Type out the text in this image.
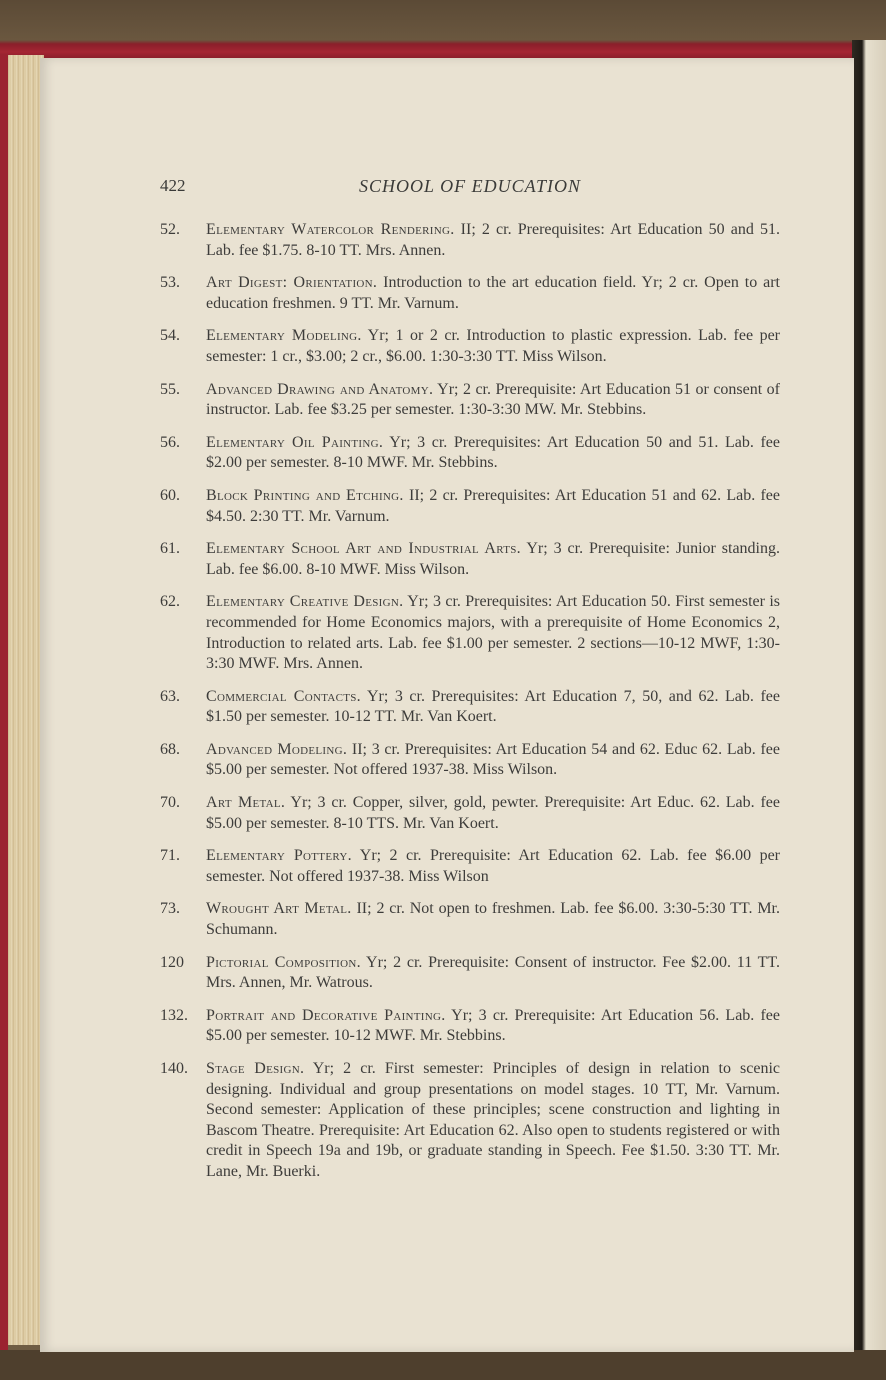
422	SCHOOL OF EDUCATION
52. Elementary Watercolor Rendering. II; 2 cr. Prerequisites: Art Education 50 and 51. Lab. fee $1.75. 8-10 TT. Mrs. Annen.
53. Art Digest: Orientation. Introduction to the art education field. Yr; 2 cr. Open to art education freshmen. 9 TT. Mr. Varnum.
54. Elementary Modeling. Yr; 1 or 2 cr. Introduction to plastic expression. Lab. fee per semester: 1 cr., $3.00; 2 cr., $6.00. 1:30-3:30 TT. Miss Wilson.
55. Advanced Drawing and Anatomy. Yr; 2 cr. Prerequisite: Art Education 51 or consent of instructor. Lab. fee $3.25 per semester. 1:30-3:30 MW. Mr. Stebbins.
56. Elementary Oil Painting. Yr; 3 cr. Prerequisites: Art Education 50 and 51. Lab. fee $2.00 per semester. 8-10 MWF. Mr. Stebbins.
60. Block Printing and Etching. II; 2 cr. Prerequisites: Art Education 51 and 62. Lab. fee $4.50. 2:30 TT. Mr. Varnum.
61. Elementary School Art and Industrial Arts. Yr; 3 cr. Prerequisite: Junior standing. Lab. fee $6.00. 8-10 MWF. Miss Wilson.
62. Elementary Creative Design. Yr; 3 cr. Prerequisites: Art Education 50. First semester is recommended for Home Economics majors, with a prerequisite of Home Economics 2, Introduction to related arts. Lab. fee $1.00 per semester. 2 sections—10-12 MWF, 1:30-3:30 MWF. Mrs. Annen.
63. Commercial Contacts. Yr; 3 cr. Prerequisites: Art Education 7, 50, and 62. Lab. fee $1.50 per semester. 10-12 TT. Mr. Van Koert.
68. Advanced Modeling. II; 3 cr. Prerequisites: Art Education 54 and 62. Educ 62. Lab. fee $5.00 per semester. Not offered 1937-38. Miss Wilson.
70. Art Metal. Yr; 3 cr. Copper, silver, gold, pewter. Prerequisite: Art Educ. 62. Lab. fee $5.00 per semester. 8-10 TTS. Mr. Van Koert.
71. Elementary Pottery. Yr; 2 cr. Prerequisite: Art Education 62. Lab. fee $6.00 per semester. Not offered 1937-38. Miss Wilson
73. Wrought Art Metal. II; 2 cr. Not open to freshmen. Lab. fee $6.00. 3:30-5:30 TT. Mr. Schumann.
120 Pictorial Composition. Yr; 2 cr. Prerequisite: Consent of instructor. Fee $2.00. 11 TT. Mrs. Annen, Mr. Watrous.
132. Portrait and Decorative Painting. Yr; 3 cr. Prerequisite: Art Education 56. Lab. fee $5.00 per semester. 10-12 MWF. Mr. Stebbins.
140. Stage Design. Yr; 2 cr. First semester: Principles of design in relation to scenic designing. Individual and group presentations on model stages. 10 TT, Mr. Varnum. Second semester: Application of these principles; scene construction and lighting in Bascom Theatre. Prerequisite: Art Education 62. Also open to students registered or with credit in Speech 19a and 19b, or graduate standing in Speech. Fee $1.50. 3:30 TT. Mr. Lane, Mr. Buerki.
